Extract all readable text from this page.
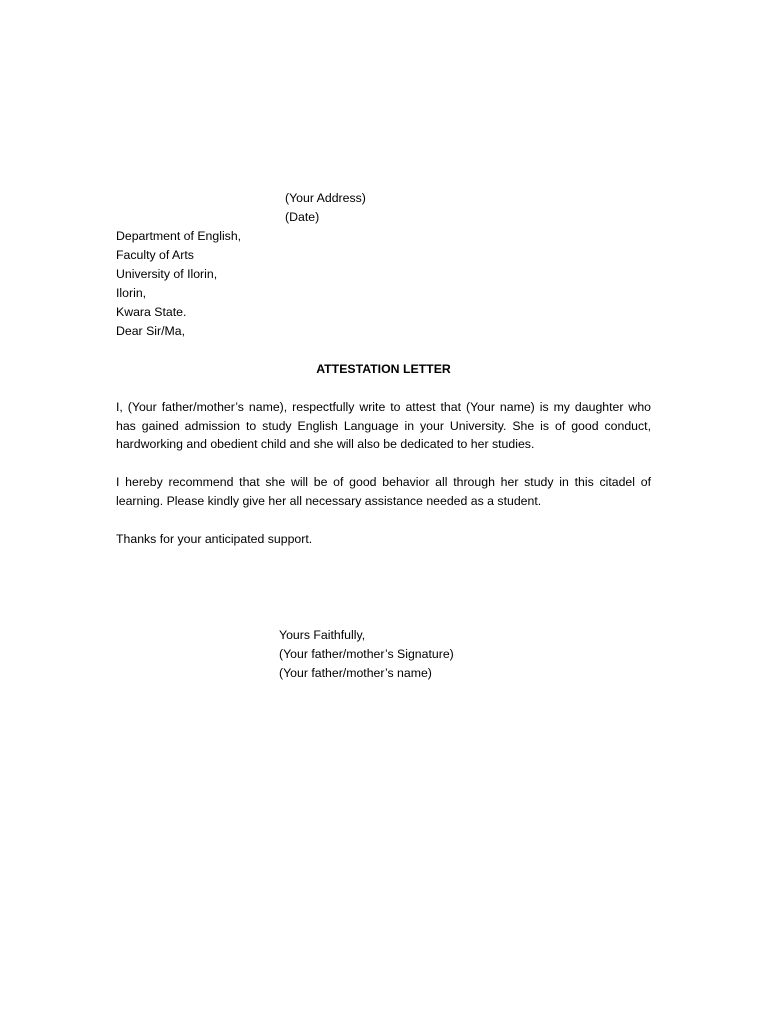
(Your Address)
(Date)
Department of English,
Faculty of Arts
University of Ilorin,
Ilorin,
Kwara State.
Dear Sir/Ma,
ATTESTATION LETTER
I, (Your father/mother’s name), respectfully write to attest that (Your name) is my daughter who has gained admission to study English Language in your University. She is of good conduct, hardworking and obedient child and she will also be dedicated to her studies.
I hereby recommend that she will be of good behavior all through her study in this citadel of learning. Please kindly give her all necessary assistance needed as a student.
Thanks for your anticipated support.
Yours Faithfully,
(Your father/mother’s Signature)
(Your father/mother’s name)
